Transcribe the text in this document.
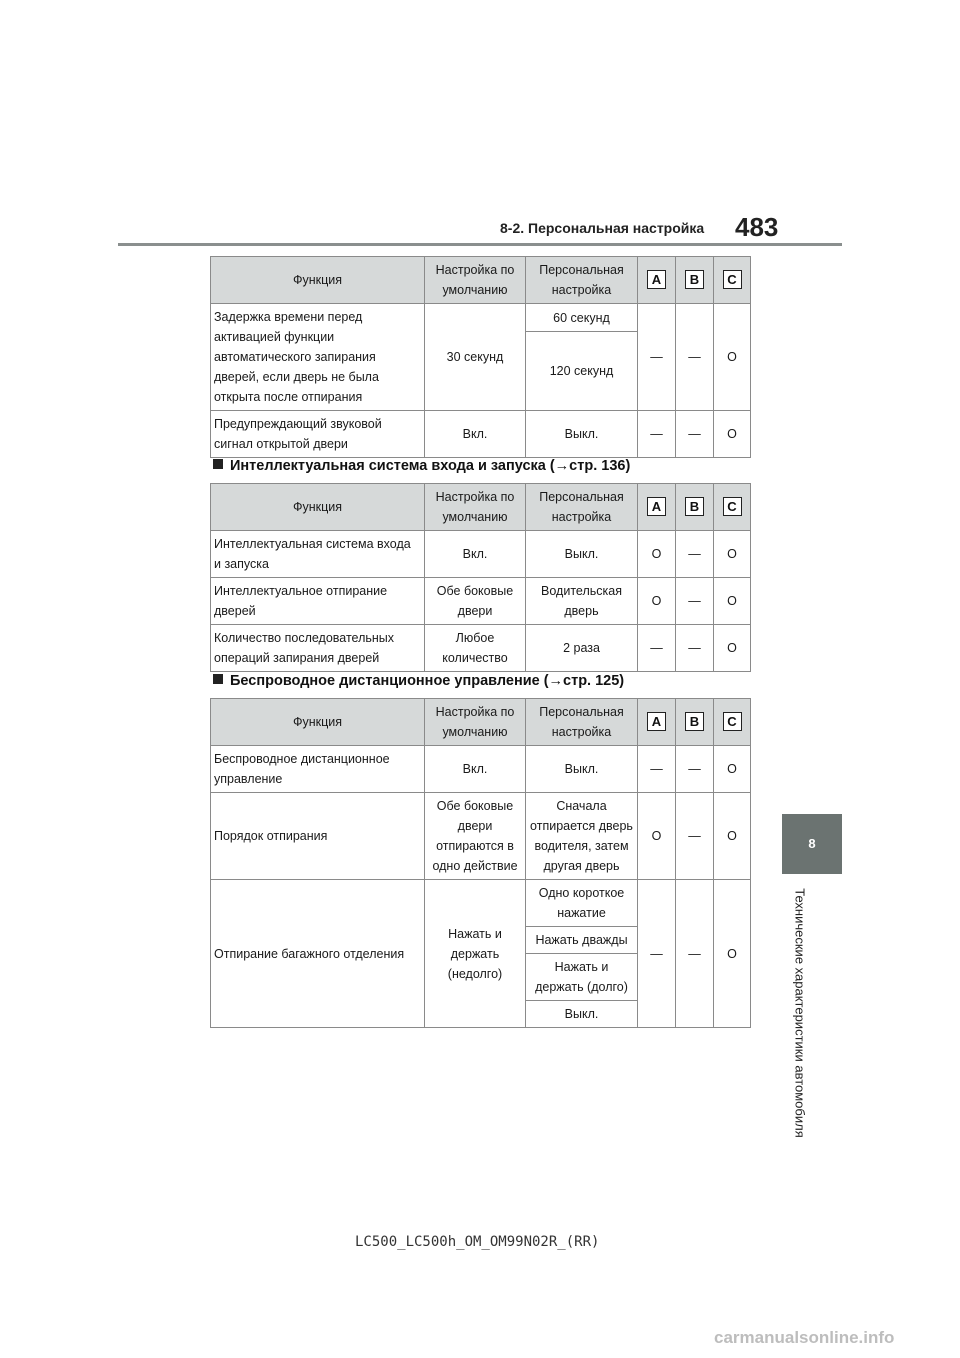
483
8-2. Персональная настройка
8
Технические характеристики автомобиля
Функция	Настройка по умолчанию	Персональная настройка	A	B	C
Задержка времени перед активацией функции автоматического запирания дверей, если дверь не была открыта после отпирания	30 секунд	60 секунд	—	—	O
		120 секунд			
Предупреждающий звуковой сигнал открытой двери	Вкл.	Выкл.	—	—	O
Интеллектуальная система входа и запуска (→стр. 136)
Функция	Настройка по умолчанию	Персональная настройка	A	B	C
Интеллектуальная система входа и запуска	Вкл.	Выкл.	O	—	O
Интеллектуальное отпирание дверей	Обе боковые двери	Водительская дверь	O	—	O
Количество последовательных операций запирания дверей	Любое количество	2 раза	—	—	O
Беспроводное дистанционное управление (→стр. 125)
Функция	Настройка по умолчанию	Персональная настройка	A	B	C
Беспроводное дистанционное управление	Вкл.	Выкл.	—	—	O
Порядок отпирания	Обе боковые двери отпираются в одно действие	Сначала отпирается дверь водителя, затем другая дверь	O	—	O
Отпирание багажного отделения	Нажать и держать (недолго)	Одно короткое нажатие	—	—	O
		Нажать дважды			
		Нажать и держать (долго)			
		Выкл.			
LC500_LC500h_OM_OM99N02R_(RR)
carmanualsonline.info
